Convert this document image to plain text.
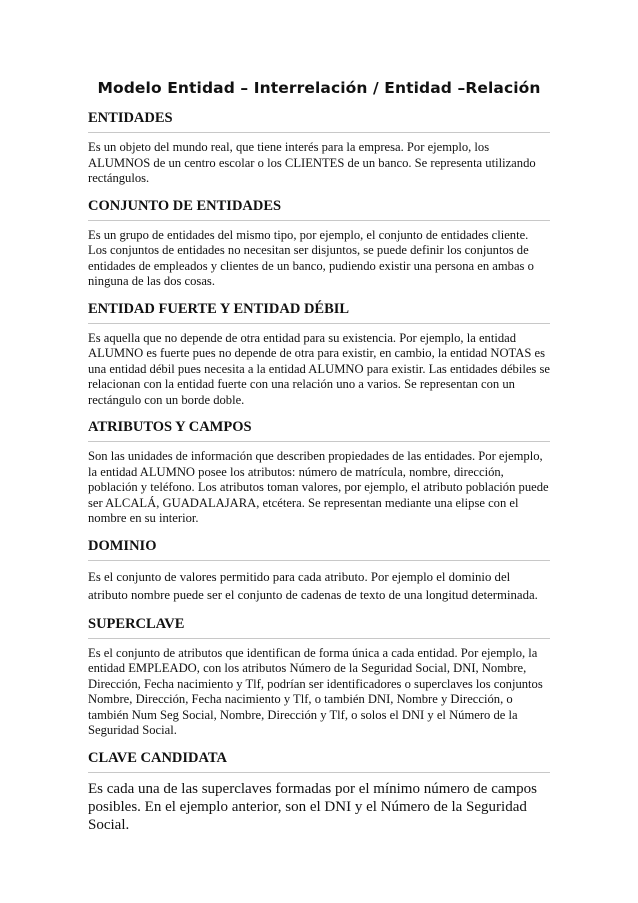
Modelo Entidad – Interrelación / Entidad –Relación
ENTIDADES

Es un objeto del mundo real, que tiene interés para la empresa. Por ejemplo, los ALUMNOS de un centro escolar o los CLIENTES de un banco. Se representa utilizando rectángulos.

CONJUNTO DE ENTIDADES

Es un grupo de entidades del mismo tipo, por ejemplo, el conjunto de entidades cliente. Los conjuntos de entidades no necesitan ser disjuntos, se puede definir los conjuntos de entidades de empleados y clientes de un banco, pudiendo existir una persona en ambas o ninguna de las dos cosas.

ENTIDAD FUERTE Y ENTIDAD DÉBIL

Es aquella que no depende de otra entidad para su existencia. Por ejemplo, la entidad ALUMNO es fuerte pues no depende de otra para existir, en cambio, la entidad NOTAS es una entidad débil pues necesita a la entidad ALUMNO para existir. Las entidades débiles se relacionan con la entidad fuerte con una relación uno a varios. Se representan con un rectángulo con un borde doble.

ATRIBUTOS Y CAMPOS

Son las unidades de información que describen propiedades de las entidades. Por ejemplo, la entidad ALUMNO posee los atributos: número de matrícula, nombre, dirección, población y teléfono. Los atributos toman valores, por ejemplo, el atributo población puede ser ALCALÁ, GUADALAJARA, etcétera. Se representan mediante una elipse con el nombre en su interior.

DOMINIO

Es el conjunto de valores permitido para cada atributo. Por ejemplo el dominio del atributo nombre puede ser el conjunto de cadenas de texto de una longitud determinada.

SUPERCLAVE

Es el conjunto de atributos que identifican de forma única a cada entidad. Por ejemplo, la entidad EMPLEADO, con los atributos Número de la Seguridad Social, DNI, Nombre, Dirección, Fecha nacimiento y Tlf, podrían ser identificadores o superclaves los conjuntos Nombre, Dirección, Fecha nacimiento y Tlf, o también DNI, Nombre y Dirección, o también Num Seg Social, Nombre, Dirección y Tlf, o solos el DNI y el Número de la Seguridad Social.

CLAVE CANDIDATA

Es cada una de las superclaves formadas por el mínimo número de campos posibles. En el ejemplo anterior, son el DNI y el Número de la Seguridad Social.
